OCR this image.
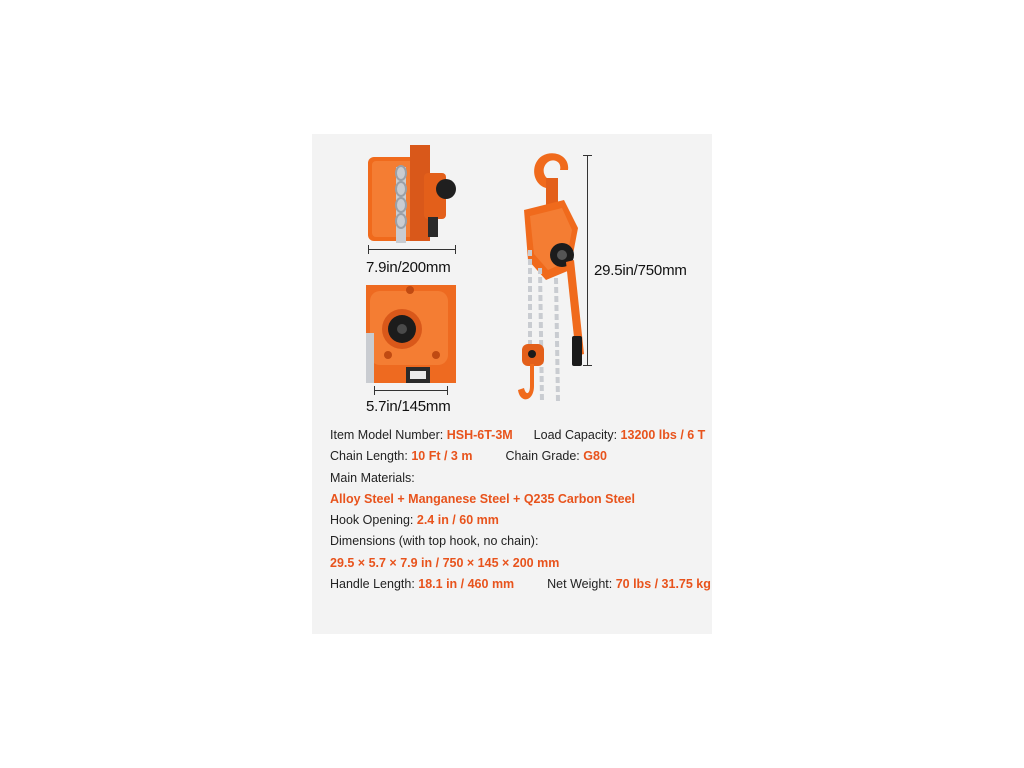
7.9in/200mm
5.7in/145mm
29.5in/750mm
Item Model Number: HSH-6T-3M Load Capacity: 13200 lbs / 6 T
Chain Length: 10 Ft / 3 m	Chain Grade: G80
Main Materials:
Alloy Steel + Manganese Steel + Q235 Carbon Steel
Hook Opening: 2.4 in / 60 mm
Dimensions (with top hook, no chain):
29.5 × 5.7 × 7.9 in / 750 × 145 × 200 mm
Handle Length: 18.1 in / 460 mm	Net Weight: 70 lbs / 31.75 kg
